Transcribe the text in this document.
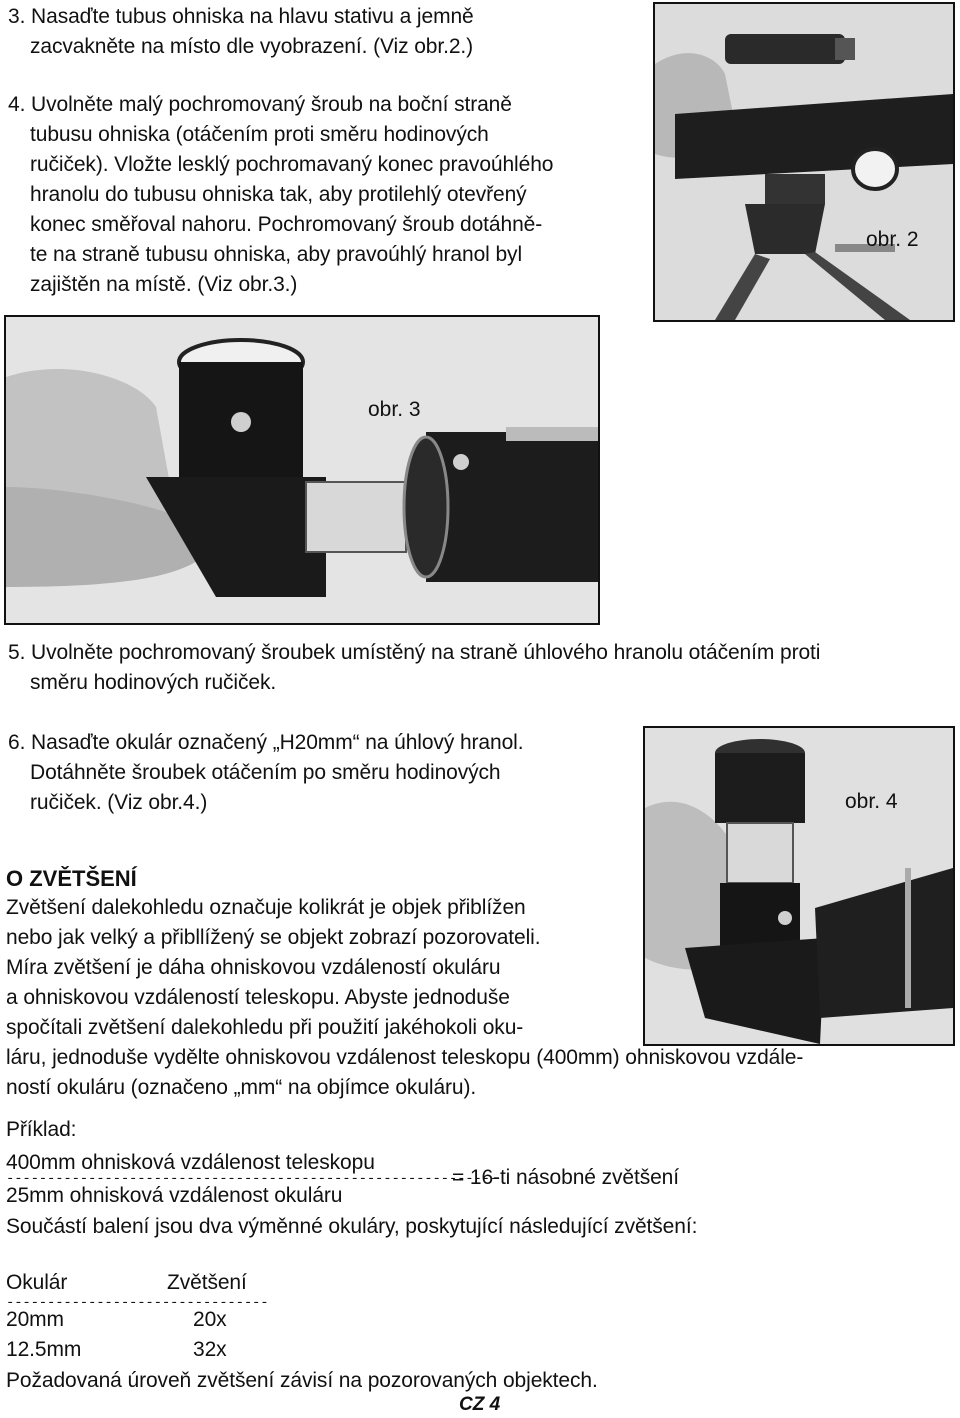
3. Nasaďte tubus ohniska na hlavu stativu a jemně
zacvakněte na místo dle vyobrazení. (Viz obr.2.)
4. Uvolněte malý pochromovaný šroub na boční straně
tubusu ohniska (otáčením proti směru hodinových
ručiček). Vložte lesklý pochromavaný konec pravoúhlého
hranolu do tubusu ohniska tak, aby protilehlý otevřený
konec směřoval nahoru. Pochromovaný šroub dotáhně-
te na straně tubusu ohniska, aby pravoúhlý hranol byl
zajištěn na místě. (Viz obr.3.)
obr. 2
obr. 3
5. Uvolněte pochromovaný šroubek umístěný na straně úhlového hranolu otáčením proti
směru hodinových ručiček.
6. Nasaďte okulár označený „H20mm“ na úhlový hranol.
Dotáhněte šroubek otáčením po směru hodinových
ručiček. (Viz obr.4.)	obr. 4
O ZVĚTŠENÍ
Zvětšení dalekohledu označuje kolikrát je objek přiblížen
nebo jak velký a přibllížený se objekt zobrazí pozorovateli.
Míra zvětšení je dáha ohniskovou vzdáleností okuláru
a ohniskovou vzdáleností teleskopu. Abyste jednoduše
spočítali zvětšení dalekohledu při použití jakéhokoli oku-
láru, jednoduše vydělte ohniskovou vzdálenost teleskopu (400mm) ohniskovou vzdále-
ností okuláru (označeno „mm“ na objímce okuláru).
Příklad:
400mm ohnisková vzdálenost teleskopu
------------------------------------------------------------
= 16-ti násobné zvětšení
25mm ohnisková vzdálenost okuláru
Součástí balení jsou dva výměnné okuláry, poskytující následující zvětšení:
Okulár	Zvětšení
--------------------------------
20mm	20x
12.5mm	32x
Požadovaná úroveň zvětšení závisí na pozorovaných objektech.
CZ 4
